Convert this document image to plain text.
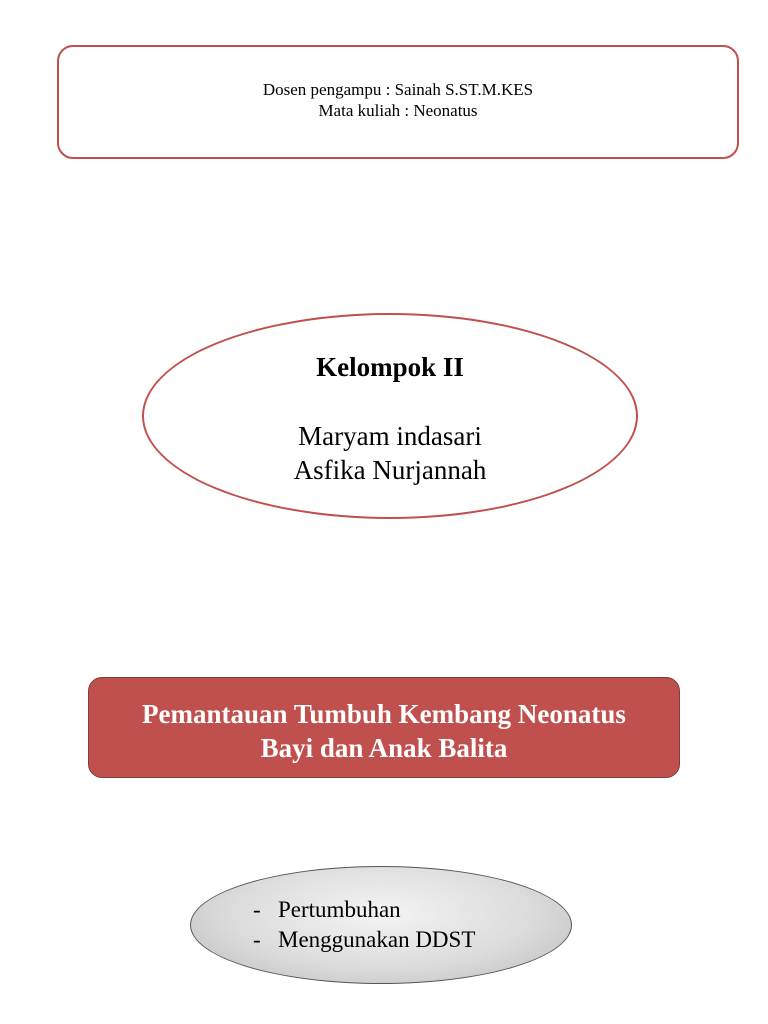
Dosen pengampu : Sainah S.ST.M.KES
Mata kuliah : Neonatus
Kelompok II
Maryam indasari
Asfika Nurjannah
Pemantauan Tumbuh Kembang Neonatus
Bayi dan Anak Balita
- Pertumbuhan
- Menggunakan DDST
